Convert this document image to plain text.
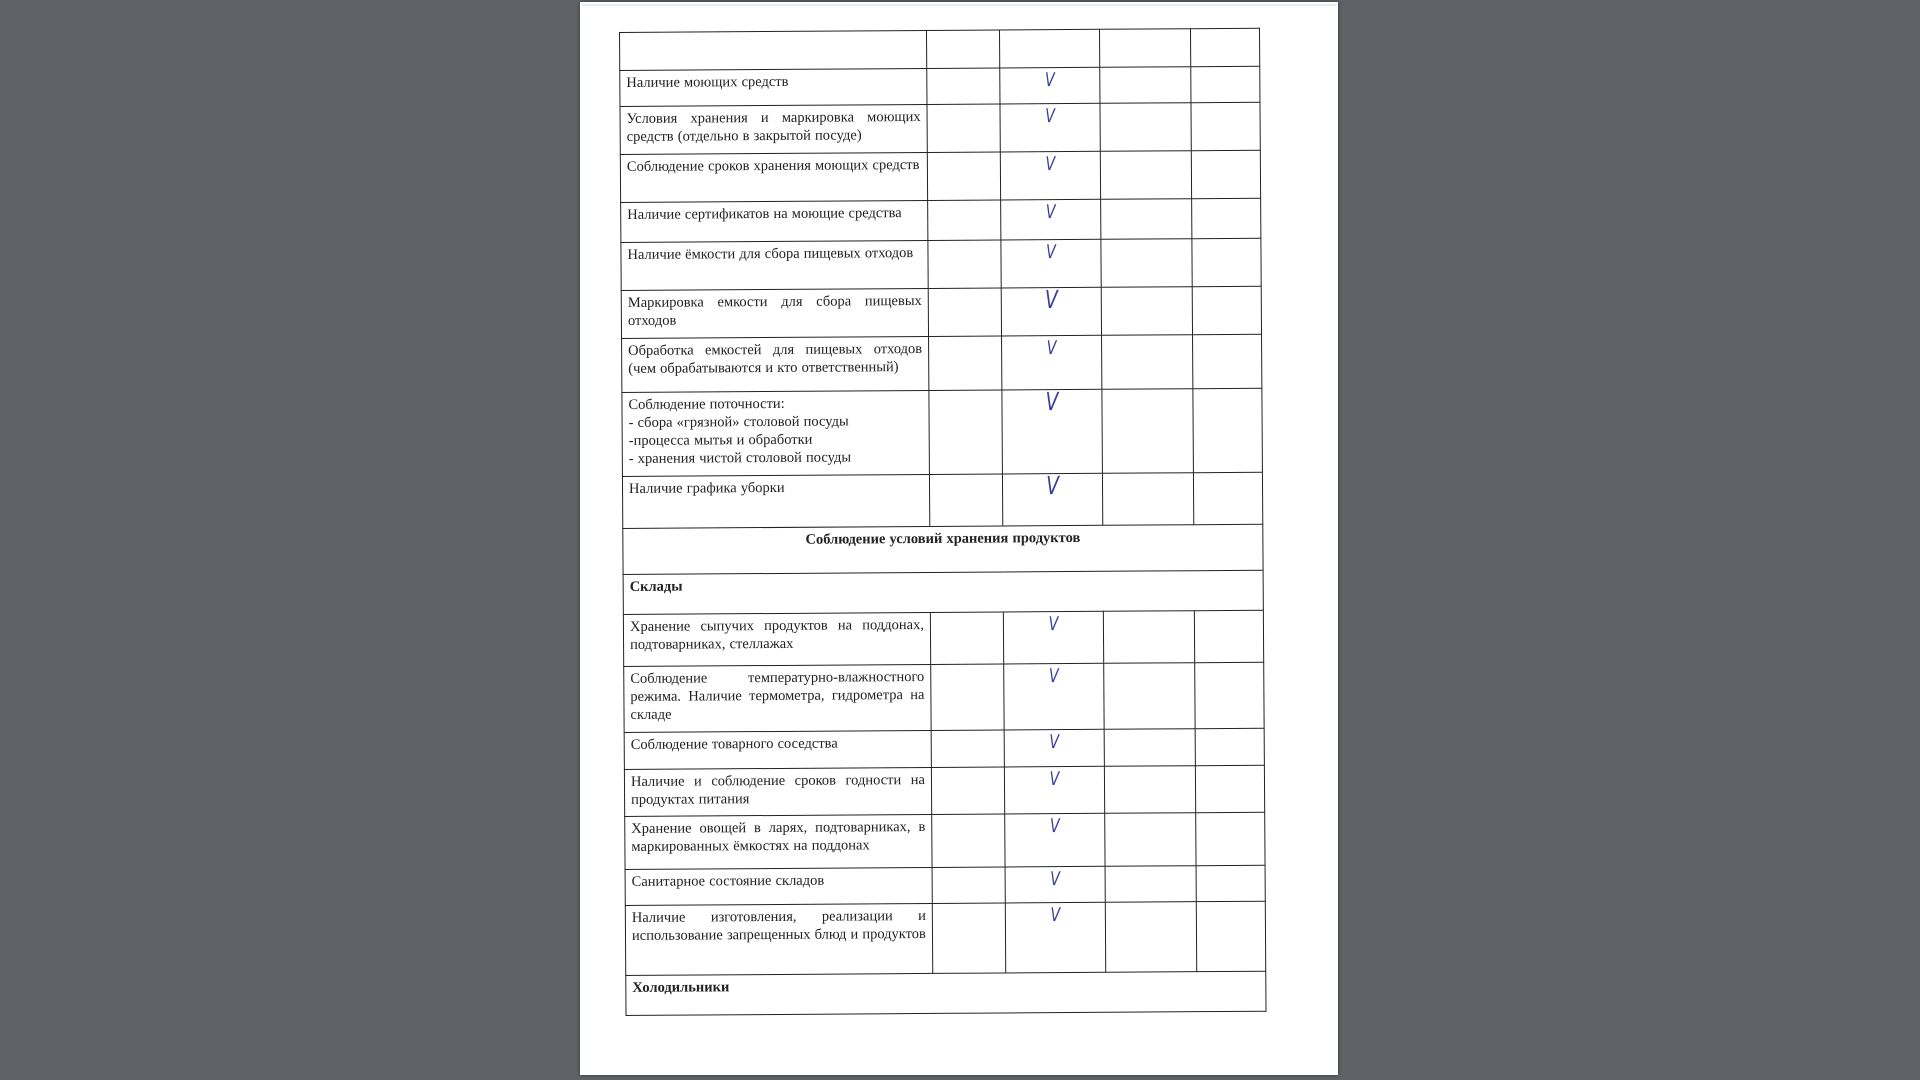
Наличие моющих средств		V		
Условия хранения и маркировка моющих средств (отдельно в закрытой посуде)		V		
Соблюдение сроков хранения моющих средств		V		
Наличие сертификатов на моющие средства		V		
Наличие ёмкости для сбора пищевых отходов		V		
Маркировка емкости для сбора пищевых отходов		V		
Обработка емкостей для пищевых отходов (чем обрабатываются и кто ответственный)		V		

Соблюдение поточности:
- сбора «грязной» столовой посуды
-процесса мытья и обработки
- хранения чистой столовой посуды		V		
Наличие графика уборки		V		
Соблюдение условий хранения продуктов				
Склады				
Хранение сыпучих продуктов на поддонах, подтоварниках, стеллажах		V		
Соблюдение температурно-влажностного режима. Наличие термометра, гидрометра на складе		V		
Соблюдение товарного соседства		V		
Наличие и соблюдение сроков годности на продуктах питания		V		
Хранение овощей в ларях, подтоварниках, в маркированных ёмкостях на поддонах		V		
Санитарное состояние складов		V		
Наличие изготовления, реализации и использование запрещенных блюд и продуктов		V		
Холодильники				
